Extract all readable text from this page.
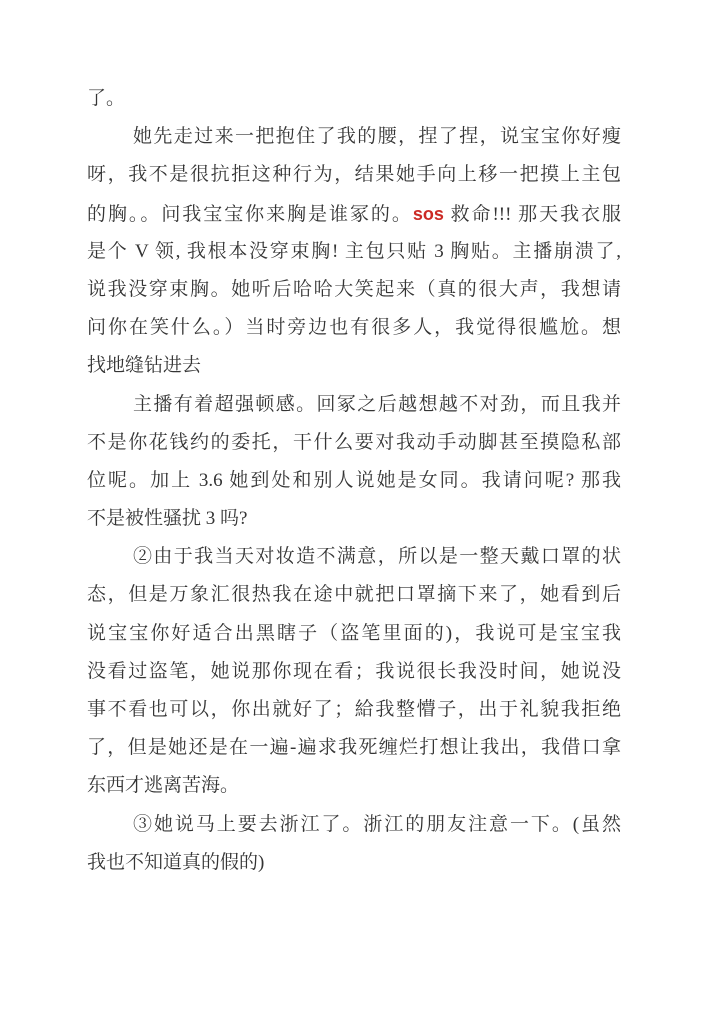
了。
她先走过来一把抱住了我的腰，捏了捏，说宝宝你好瘦
呀，我不是很抗拒这种行为，结果她手向上移一把摸上主包
的胸。。问我宝宝你来胸是谁冢的。sos 救命!!! 那天我衣服
是个 V 领, 我根本没穿束胸! 主包只贴 3 胸贴。主播崩溃了,
说我没穿束胸。她听后哈哈大笑起来（真的很大声，我想请
问你在笑什么。）当时旁边也有很多人，我觉得很尴尬。想
找地缝钻进去
主播有着超强顿感。回冢之后越想越不对劲，而且我并
不是你花钱约的委托，干什么要对我动手动脚甚至摸隐私部
位呢。加上 3.6 她到处和别人说她是女同。我请问呢? 那我
不是被性骚扰 3 吗?
②由于我当天对妆造不满意，所以是一整天戴口罩的状
态，但是万象汇很热我在途中就把口罩摘下来了，她看到后
说宝宝你好适合出黑瞎子（盗笔里面的)，我说可是宝宝我
没看过盗笔，她说那你现在看；我说很长我没时间，她说没
事不看也可以，你出就好了；給我整懵子，出于礼貌我拒绝
了，但是她还是在一遍-遍求我死缠烂打想让我出，我借口拿
东西才逃离苦海。
③她说马上要去浙江了。浙江的朋友注意一下。(虽然
我也不知道真的假的)
